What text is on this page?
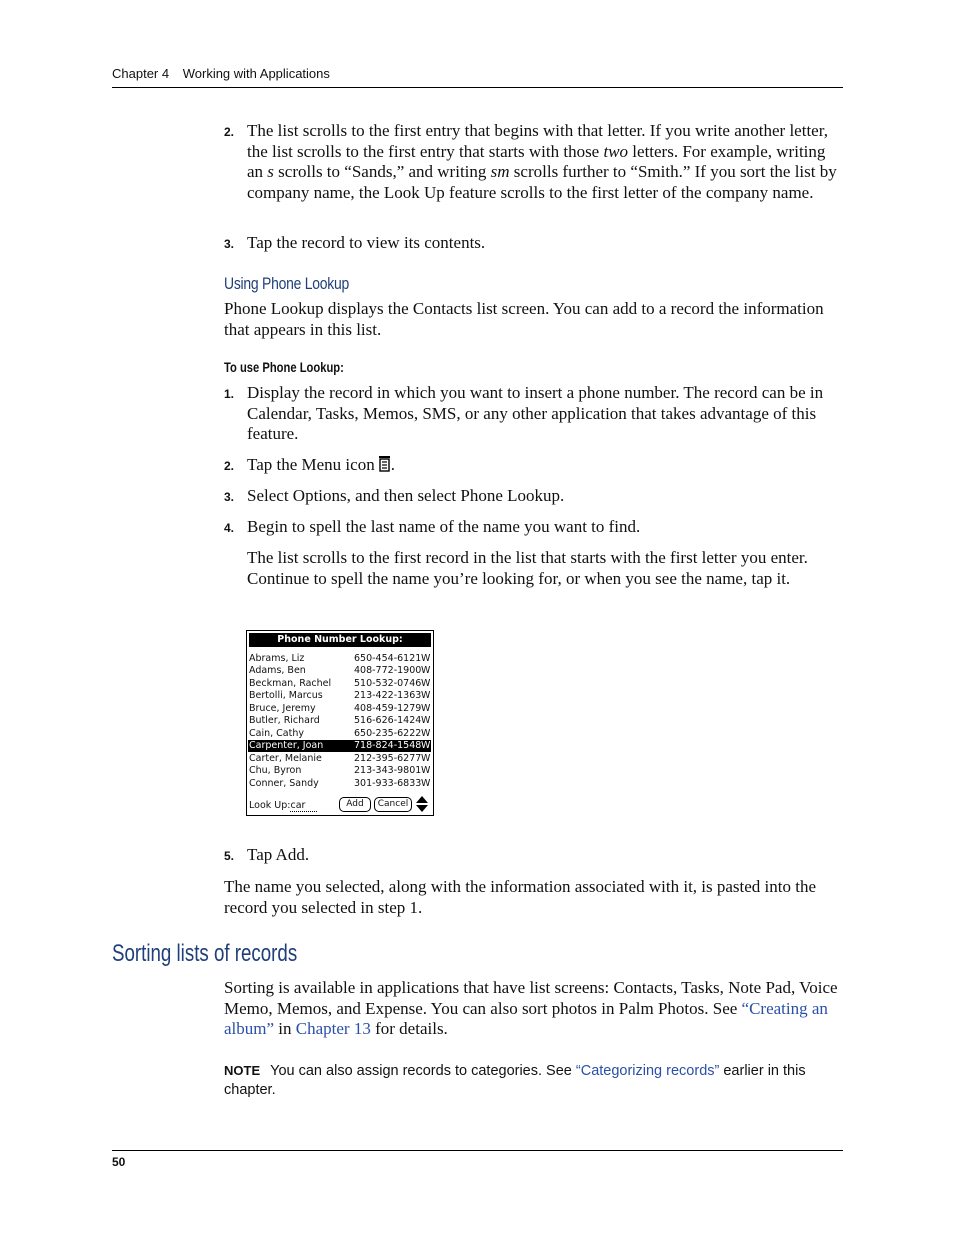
Chapter 4 Working with Applications
2. The list scrolls to the first entry that begins with that letter. If you write another letter, the list scrolls to the first entry that starts with those two letters. For example, writing an s scrolls to “Sands,” and writing sm scrolls further to “Smith.” If you sort the list by company name, the Look Up feature scrolls to the first letter of the company name.
3. Tap the record to view its contents.
Using Phone Lookup
Phone Lookup displays the Contacts list screen. You can add to a record the information that appears in this list.
To use Phone Lookup:
1. Display the record in which you want to insert a phone number. The record can be in Calendar, Tasks, Memos, SMS, or any other application that takes advantage of this feature.
2. Tap the Menu icon .
3. Select Options, and then select Phone Lookup.
4. Begin to spell the last name of the name you want to find.
The list scrolls to the first record in the list that starts with the first letter you enter. Continue to spell the name you’re looking for, or when you see the name, tap it.
Phone Number Lookup:
Abrams, Liz	650-454-6121 W
Adams, Ben	408-772-1900 W
Beckman, Rachel 510-532-0746 W
Bertolli, Marcus	213-422-1363 W
Bruce, Jeremy	408-459-1279 W
Butler, Richard	516-626-1424 W
Cain, Cathy	650-235-6222 W
Carpenter, Joan	718-824-1548 W
Carter, Melanie	212-395-6277 W
Chu, Byron	213-343-9801 W
Conner, Sandy	301-933-6833 W
Look Up:car	Add	Cancel
5. Tap Add.
The name you selected, along with the information associated with it, is pasted into the record you selected in step 1.
Sorting lists of records
Sorting is available in applications that have list screens: Contacts, Tasks, Note Pad, Voice Memo, Memos, and Expense. You can also sort photos in Palm Photos. See “Creating an album” in Chapter 13 for details.
NOTE You can also assign records to categories. See “Categorizing records” earlier in this chapter.
50
